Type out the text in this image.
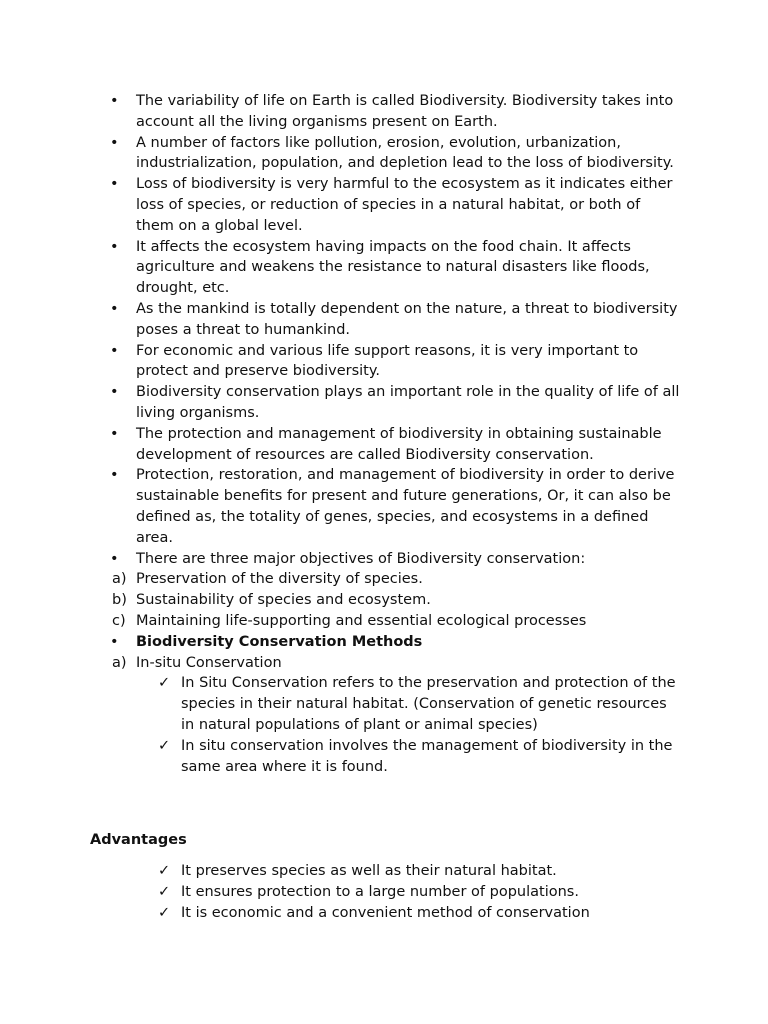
•	The variability of life on Earth is called Biodiversity. Biodiversity takes into account all the living organisms present on Earth.
•	A number of factors like pollution, erosion, evolution, urbanization, industrialization, population, and depletion lead to the loss of biodiversity.
•	Loss of biodiversity is very harmful to the ecosystem as it indicates either loss of species, or reduction of species in a natural habitat, or both of them on a global level.
•	It affects the ecosystem having impacts on the food chain. It affects agriculture and weakens the resistance to natural disasters like floods, drought, etc.
•	As the mankind is totally dependent on the nature, a threat to biodiversity poses a threat to humankind.
•	For economic and various life support reasons, it is very important to protect and preserve biodiversity.
•	Biodiversity conservation plays an important role in the quality of life of all living organisms.
•	The protection and management of biodiversity in obtaining sustainable development of resources are called Biodiversity conservation.
•	Protection, restoration, and management of biodiversity in order to derive sustainable benefits for present and future generations, Or, it can also be defined as, the totality of genes, species, and ecosystems in a defined area.
•	There are three major objectives of Biodiversity conservation:
a) Preservation of the diversity of species.
b) Sustainability of species and ecosystem.
c) Maintaining life-supporting and essential ecological processes
•	Biodiversity Conservation Methods
a) In-situ Conservation
✓ In Situ Conservation refers to the preservation and protection of the species in their natural habitat. (Conservation of genetic resources in natural populations of plant or animal species)
✓ In situ conservation involves the management of biodiversity in the same area where it is found.
Advantages
✓ It preserves species as well as their natural habitat.
✓ It ensures protection to a large number of populations.
✓ It is economic and a convenient method of conservation
